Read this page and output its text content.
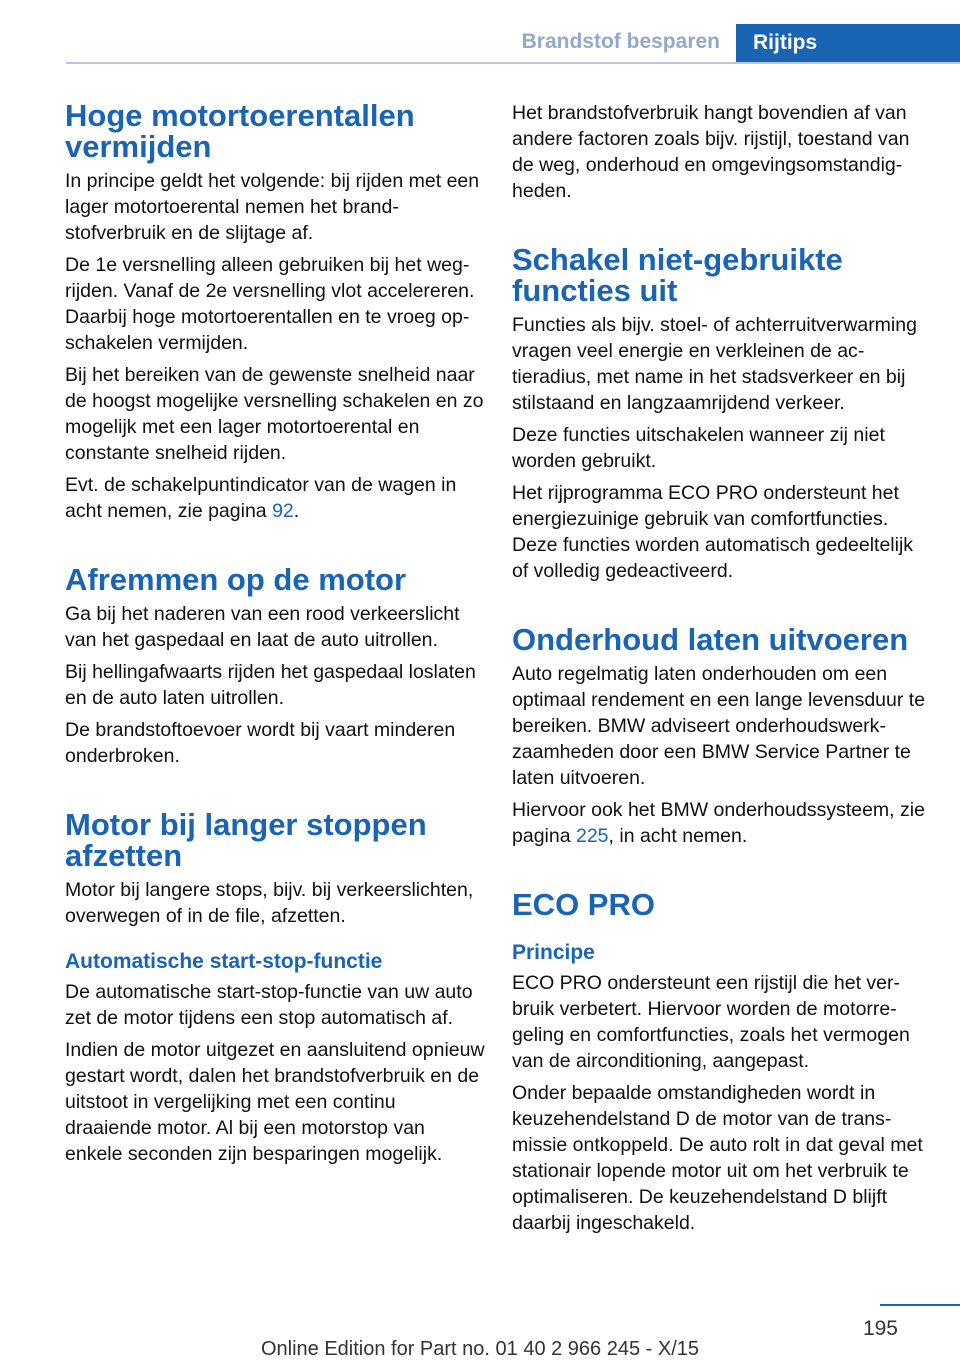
Brandstof besparen	Rijtips
Hoge motortoerentallen vermijden

In principe geldt het volgende: bij rijden met een lager motortoerental nemen het brandstofverbruik en de slijtage af.

De 1e versnelling alleen gebruiken bij het wegrijden. Vanaf de 2e versnelling vlot accelereren. Daarbij hoge motortoerentallen en te vroeg opschakelen vermijden.

Bij het bereiken van de gewenste snelheid naar de hoogst mogelijke versnelling schakelen en zo mogelijk met een lager motortoerental en constante snelheid rijden.

Evt. de schakelpuntindicator van de wagen in acht nemen, zie pagina 92.

Afremmen op de motor

Ga bij het naderen van een rood verkeerslicht van het gaspedaal en laat de auto uitrollen.

Bij hellingafwaarts rijden het gaspedaal loslaten en de auto laten uitrollen.

De brandstoftoevoer wordt bij vaart minderen onderbroken.

Motor bij langer stoppen afzetten

Motor bij langere stops, bijv. bij verkeerslichten, overwegen of in de file, afzetten.

Automatische start-stop-functie

De automatische start-stop-functie van uw auto zet de motor tijdens een stop automatisch af.

Indien de motor uitgezet en aansluitend opnieuw gestart wordt, dalen het brandstofverbruik en de uitstoot in vergelijking met een continu draaiende motor. Al bij een motorstop van enkele seconden zijn besparingen mogelijk.

Het brandstofverbruik hangt bovendien af van andere factoren zoals bijv. rijstijl, toestand van de weg, onderhoud en omgevingsomstandigheden.

Schakel niet-gebruikte functies uit

Functies als bijv. stoel- of achterruitverwarming vragen veel energie en verkleinen de actieradius, met name in het stadsverkeer en bij stilstaand en langzaamrijdend verkeer.

Deze functies uitschakelen wanneer zij niet worden gebruikt.

Het rijprogramma ECO PRO ondersteunt het energiezuinige gebruik van comfortfuncties. Deze functies worden automatisch gedeeltelijk of volledig gedeactiveerd.

Onderhoud laten uitvoeren

Auto regelmatig laten onderhouden om een optimaal rendement en een lange levensduur te bereiken. BMW adviseert onderhoudswerkzaamheden door een BMW Service Partner te laten uitvoeren.

Hiervoor ook het BMW onderhoudssysteem, zie pagina 225, in acht nemen.

ECO PRO
Principe

ECO PRO ondersteunt een rijstijl die het verbruik verbetert. Hiervoor worden de motorregeling en comfortfuncties, zoals het vermogen van de airconditioning, aangepast.

Onder bepaalde omstandigheden wordt in keuzehendelstand D de motor van de transmissie ontkoppeld. De auto rolt in dat geval met stationair lopende motor uit om het verbruik te optimaliseren. De keuzehendelstand D blijft daarbij ingeschakeld.

195
Online Edition for Part no. 01 40 2 966 245 - X/15
